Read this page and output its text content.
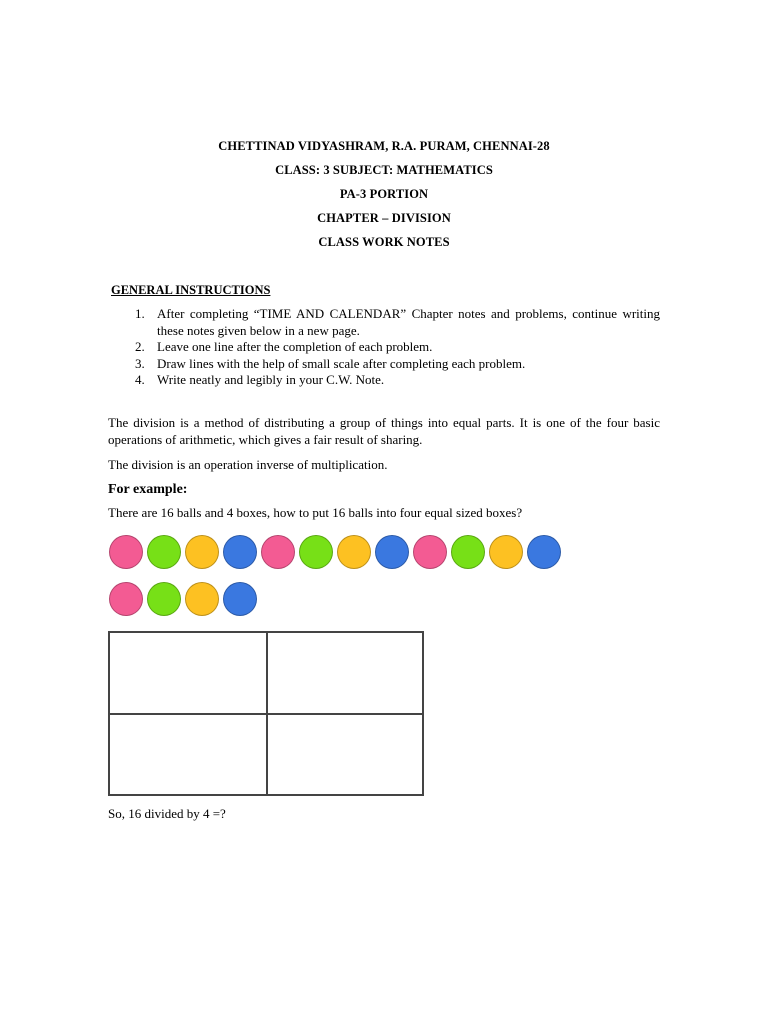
CHETTINAD VIDYASHRAM, R.A. PURAM, CHENNAI-28
CLASS: 3 SUBJECT: MATHEMATICS
PA-3 PORTION
CHAPTER – DIVISION
CLASS WORK NOTES
GENERAL INSTRUCTIONS
1. After completing “TIME AND CALENDAR” Chapter notes and problems, continue writing these notes given below in a new page.
2. Leave one line after the completion of each problem.
3. Draw lines with the help of small scale after completing each problem.
4. Write neatly and legibly in your C.W. Note.

The division is a method of distributing a group of things into equal parts. It is one of the four basic operations of arithmetic, which gives a fair result of sharing.

The division is an operation inverse of multiplication.

For example:

There are 16 balls and 4 boxes, how to put 16 balls into four equal sized boxes?

So, 16 divided by 4 =?
